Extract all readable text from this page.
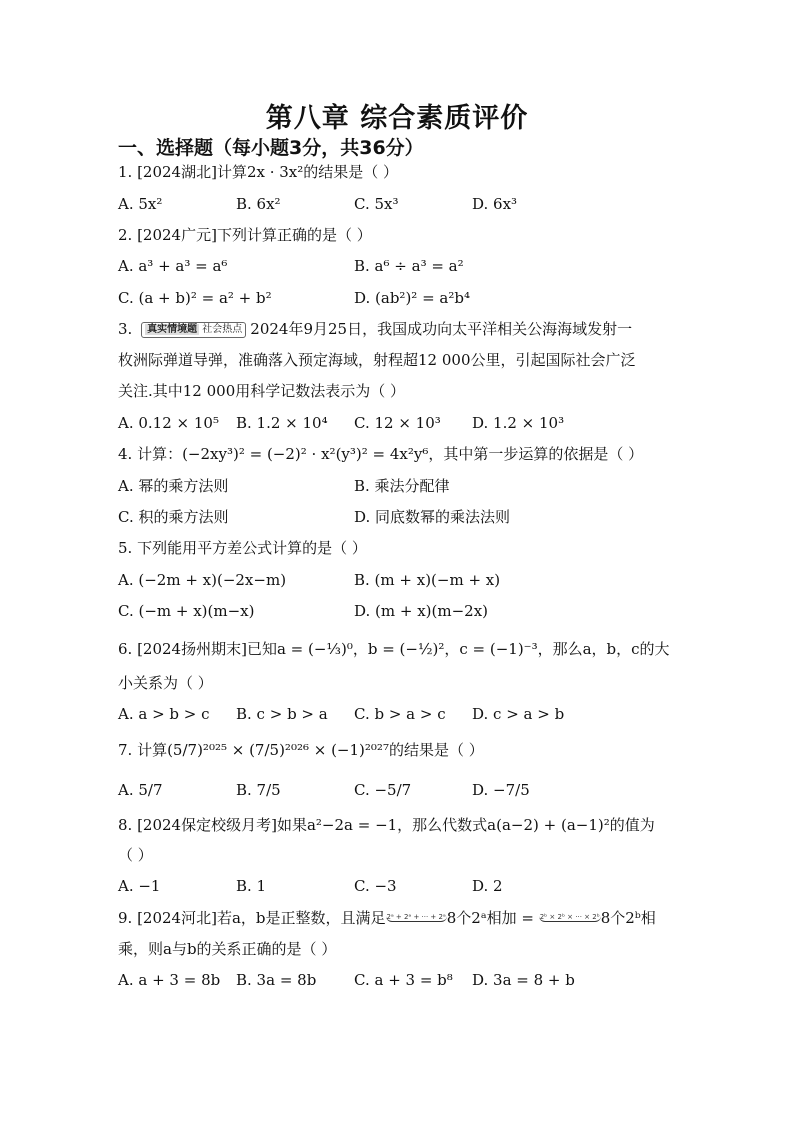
第八章 综合素质评价
一、选择题（每小题3分，共36分）
1. [2024湖北]计算2x · 3x²的结果是（ ）
A. 5x²	B. 6x²	C. 5x³	D. 6x³
2. [2024广元]下列计算正确的是（ ）
A. a³ + a³ = a⁶	B. a⁶ ÷ a³ = a²
C. (a + b)² = a² + b²	D. (ab²)² = a²b⁴
3. 真实情境题 社会热点 2024年9月25日，我国成功向太平洋相关公海海域发射一
枚洲际弹道导弹，准确落入预定海域，射程超12 000公里，引起国际社会广泛
关注.其中12 000用科学记数法表示为（ ）
A. 0.12 × 10⁵ B. 1.2 × 10⁴ C. 12 × 10³ D. 1.2 × 10³
4. 计算：(−2xy³)² = (−2)² · x²(y³)² = 4x²y⁶，其中第一步运算的依据是（ ）
A. 幂的乘方法则	B. 乘法分配律
C. 积的乘方法则	D. 同底数幂的乘法法则
5. 下列能用平方差公式计算的是（ ）
A. (−2m + x)(−2x−m)	B. (m + x)(−m + x)
C. (−m + x)(m−x)	D. (m + x)(m−2x)
6. [2024扬州期末]已知a = (−⅓)⁰，b = (−½)²，c = (−1)⁻³，那么a，b，c的大
小关系为（ ）
A. a > b > c B. c > b > a C. b > a > c D. c > a > b
7. 计算(5/7)²⁰²⁵ × (7/5)²⁰²⁶ × (−1)²⁰²⁷的结果是（ ）
A. 5/7	B. 7/5	C. −5/7	D. −7/5
8. [2024保定校级月考]如果a²−2a = −1，那么代数式a(a−2) + (a−1)²的值为
（ ）
A. −1	B. 1	C. −3	D. 2
9. [2024河北]若a，b是正整数，且满足2ᵃ + 2ᵃ + ··· + 2ᵃ8个2ᵃ相加 = 2ᵇ × 2ᵇ × ··· × 2ᵇ8个2ᵇ相
乘，则a与b的关系正确的是（ ）
A. a + 3 = 8b B. 3a = 8b	C. a + 3 = b⁸ D. 3a = 8 + b
